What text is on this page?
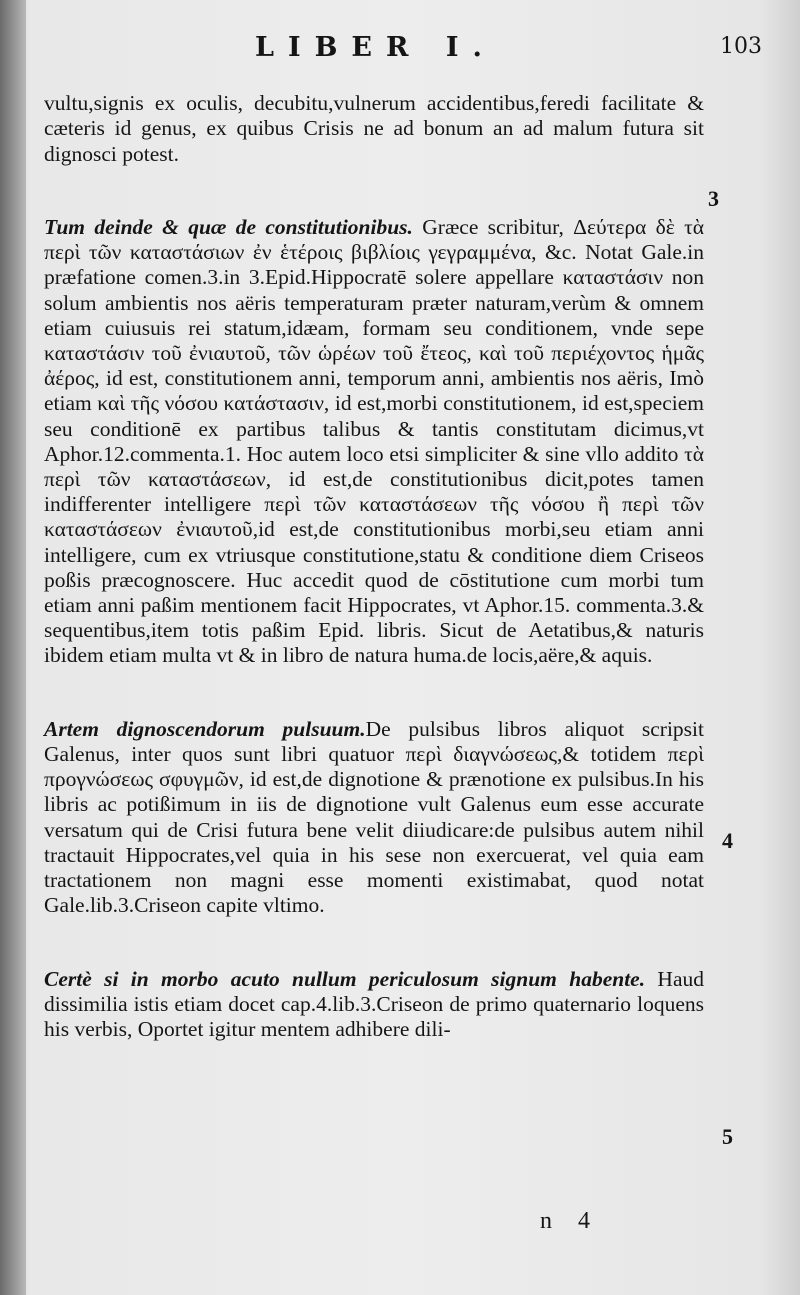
LIBER I.	103

vultu,signis ex oculis, decubitu,vulnerum accidentibus,feredi facilitate & cæteris id genus, ex quibus Crisis ne ad bonum an ad malum futura sit dignosci potest.

Tum deinde & quæ de constitutionibus. Græce scribitur, Δεύτερα δὲ τὰ περὶ τῶν καταστάσιων ἐν ἑτέροις βιβλίοις γεγραμμένα, &c. Notat Gale.in præfatione comen.3.in 3.Epid.Hippocratē solere appellare καταστάσιν non solum ambientis nos aëris temperaturam præter naturam,verùm & omnem etiam cuiusuis rei statum,idæam, formam seu conditionem, vnde sepe καταστάσιν τοῦ ἐνιαυτοῦ, τῶν ὡρέων τοῦ ἔτεος, καὶ τοῦ περιέχοντος ἡμᾶς ἀέρος, id est, constitutionem anni, temporum anni, ambientis nos aëris, Imò etiam καὶ τῆς νόσου κατάστασιν, id est,morbi constitutionem, id est,speciem seu conditionē ex partibus talibus & tantis constitutam dicimus,vt Aphor.12.commenta.1. Hoc autem loco etsi simpliciter & sine vllo addito τὰ περὶ τῶν καταστάσεων, id est,de constitutionibus dicit,potes tamen indifferenter intelligere περὶ τῶν καταστάσεων τῆς νόσου ἢ περὶ τῶν καταστάσεων ἐνιαυτοῦ,id est,de constitutionibus morbi,seu etiam anni intelligere, cum ex vtriusque constitutione,statu & conditione diem Criseos poßis præcognoscere. Huc accedit quod de cōstitutione cum morbi tum etiam anni paßim mentionem facit Hippocrates, vt Aphor.15. commenta.3.& sequentibus,item totis paßim Epid. libris. Sicut de Aetatibus,& naturis ibidem etiam multa vt & in libro de natura huma.de locis,aëre,& aquis.

Artem dignoscendorum pulsuum.De pulsibus libros aliquot scripsit Galenus, inter quos sunt libri quatuor περὶ διαγνώσεως,& totidem περὶ προγνώσεως σφυγμῶν, id est,de dignotione & prænotione ex pulsibus.In his libris ac potißimum in iis de dignotione vult Galenus eum esse accurate versatum qui de Crisi futura bene velit diiudicare:de pulsibus autem nihil tractauit Hippocrates,vel quia in his sese non exercuerat, vel quia eam tractationem non magni esse momenti existimabat, quod notat Gale.lib.3.Criseon capite vltimo.

Certè si in morbo acuto nullum periculosum signum habente. Haud dissimilia istis etiam docet cap.4.lib.3.Criseon de primo quaternario loquens his verbis, Oportet igitur mentem adhibere dili-

3
4
5
n 4
